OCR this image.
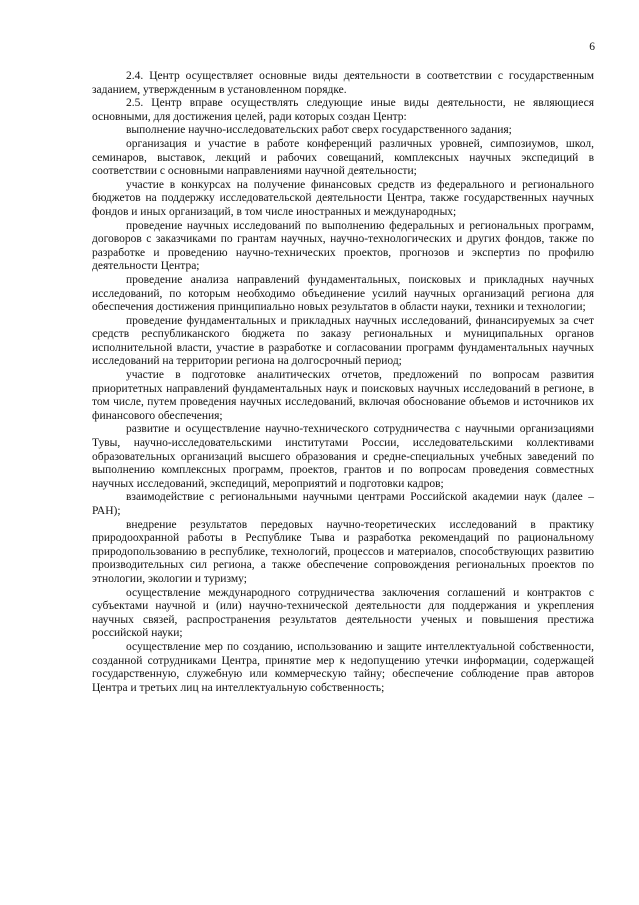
6

2.4. Центр осуществляет основные виды деятельности в соответствии с государственным заданием, утвержденным в установленном порядке.

2.5. Центр вправе осуществлять следующие иные виды деятельности, не являющиеся основными, для достижения целей, ради которых создан Центр:

выполнение научно-исследовательских работ сверх государственного задания;

организация и участие в работе конференций различных уровней, симпозиумов, школ, семинаров, выставок, лекций и рабочих совещаний, комплексных научных экспедиций в соответствии с основными направлениями научной деятельности;

участие в конкурсах на получение финансовых средств из федерального и регионального бюджетов на поддержку исследовательской деятельности Центра, также государственных научных фондов и иных организаций, в том числе иностранных и международных;

проведение научных исследований по выполнению федеральных и региональных программ, договоров с заказчиками по грантам научных, научно-технологических и других фондов, также по разработке и проведению научно-технических проектов, прогнозов и экспертиз по профилю деятельности Центра;

проведение анализа направлений фундаментальных, поисковых и прикладных научных исследований, по которым необходимо объединение усилий научных организаций региона для обеспечения достижения принципиально новых результатов в области науки, техники и технологии;

проведение фундаментальных и прикладных научных исследований, финансируемых за счет средств республиканского бюджета по заказу региональных и муниципальных органов исполнительной власти, участие в разработке и согласовании программ фундаментальных научных исследований на территории региона на долгосрочный период;

участие в подготовке аналитических отчетов, предложений по вопросам развития приоритетных направлений фундаментальных наук и поисковых научных исследований в регионе, в том числе, путем проведения научных исследований, включая обоснование объемов и источников их финансового обеспечения;

развитие и осуществление научно-технического сотрудничества с научными организациями Тувы, научно-исследовательскими институтами России, исследовательскими коллективами образовательных организаций высшего образования и средне-специальных учебных заведений по выполнению комплексных программ, проектов, грантов и по вопросам проведения совместных научных исследований, экспедиций, мероприятий и подготовки кадров;

взаимодействие с региональными научными центрами Российской академии наук (далее – РАН);

внедрение результатов передовых научно-теоретических исследований в практику природоохранной работы в Республике Тыва и разработка рекомендаций по рациональному природопользованию в республике, технологий, процессов и материалов, способствующих развитию производительных сил региона, а также обеспечение сопровождения региональных проектов по этнологии, экологии и туризму;

осуществление международного сотрудничества заключения соглашений и контрактов с субъектами научной и (или) научно-технической деятельности для поддержания и укрепления научных связей, распространения результатов деятельности ученых и повышения престижа российской науки;

осуществление мер по созданию, использованию и защите интеллектуальной собственности, созданной сотрудниками Центра, принятие мер к недопущению утечки информации, содержащей государственную, служебную или коммерческую тайну; обеспечение соблюдение прав авторов Центра и третьих лиц на интеллектуальную собственность;
